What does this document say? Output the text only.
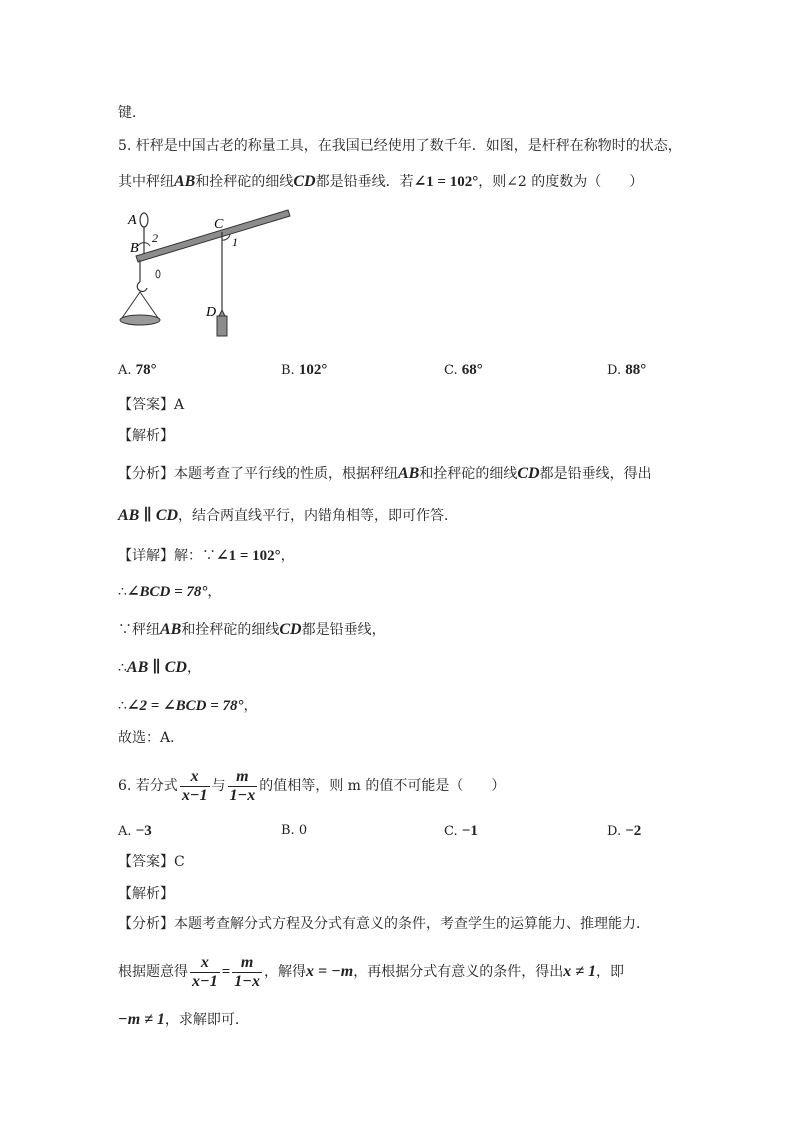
键．
5. 杆秤是中国古老的称量工具，在我国已经使用了数千年．如图，是杆秤在称物时的状态，
其中秤纽AB和拴秤砣的细线CD都是铅垂线．若∠1 = 102°，则∠2 的度数为（　　）
A
B
2
C
1
D
A. 78°	B. 102°	C. 68°	D. 88°
【答案】A
【解析】
【分析】本题考查了平行线的性质，根据秤纽AB和拴秤砣的细线CD都是铅垂线，得出
AB ∥ CD，结合两直线平行，内错角相等，即可作答．
【详解】解：∵∠1 = 102°，
∴∠BCD = 78°，
∵秤纽AB和拴秤砣的细线CD都是铅垂线，
∴AB ∥ CD，
∴∠2 = ∠BCD = 78°，
故选：A．
6. 若分式 $\frac{x}{x-1}$ 与 $\frac{m}{1-x}$ 的值相等，则 m 的值不可能是（　　）
A. −3	B. 0	C. −1	D. −2
【答案】C
【解析】
【分析】本题考查解分式方程及分式有意义的条件，考查学生的运算能力、推理能力．
根据题意得 $\frac{x}{x-1} = \frac{m}{1-x}$ ，解得x = −m，再根据分式有意义的条件，得出x ≠ 1，即
−m ≠ 1，求解即可．
